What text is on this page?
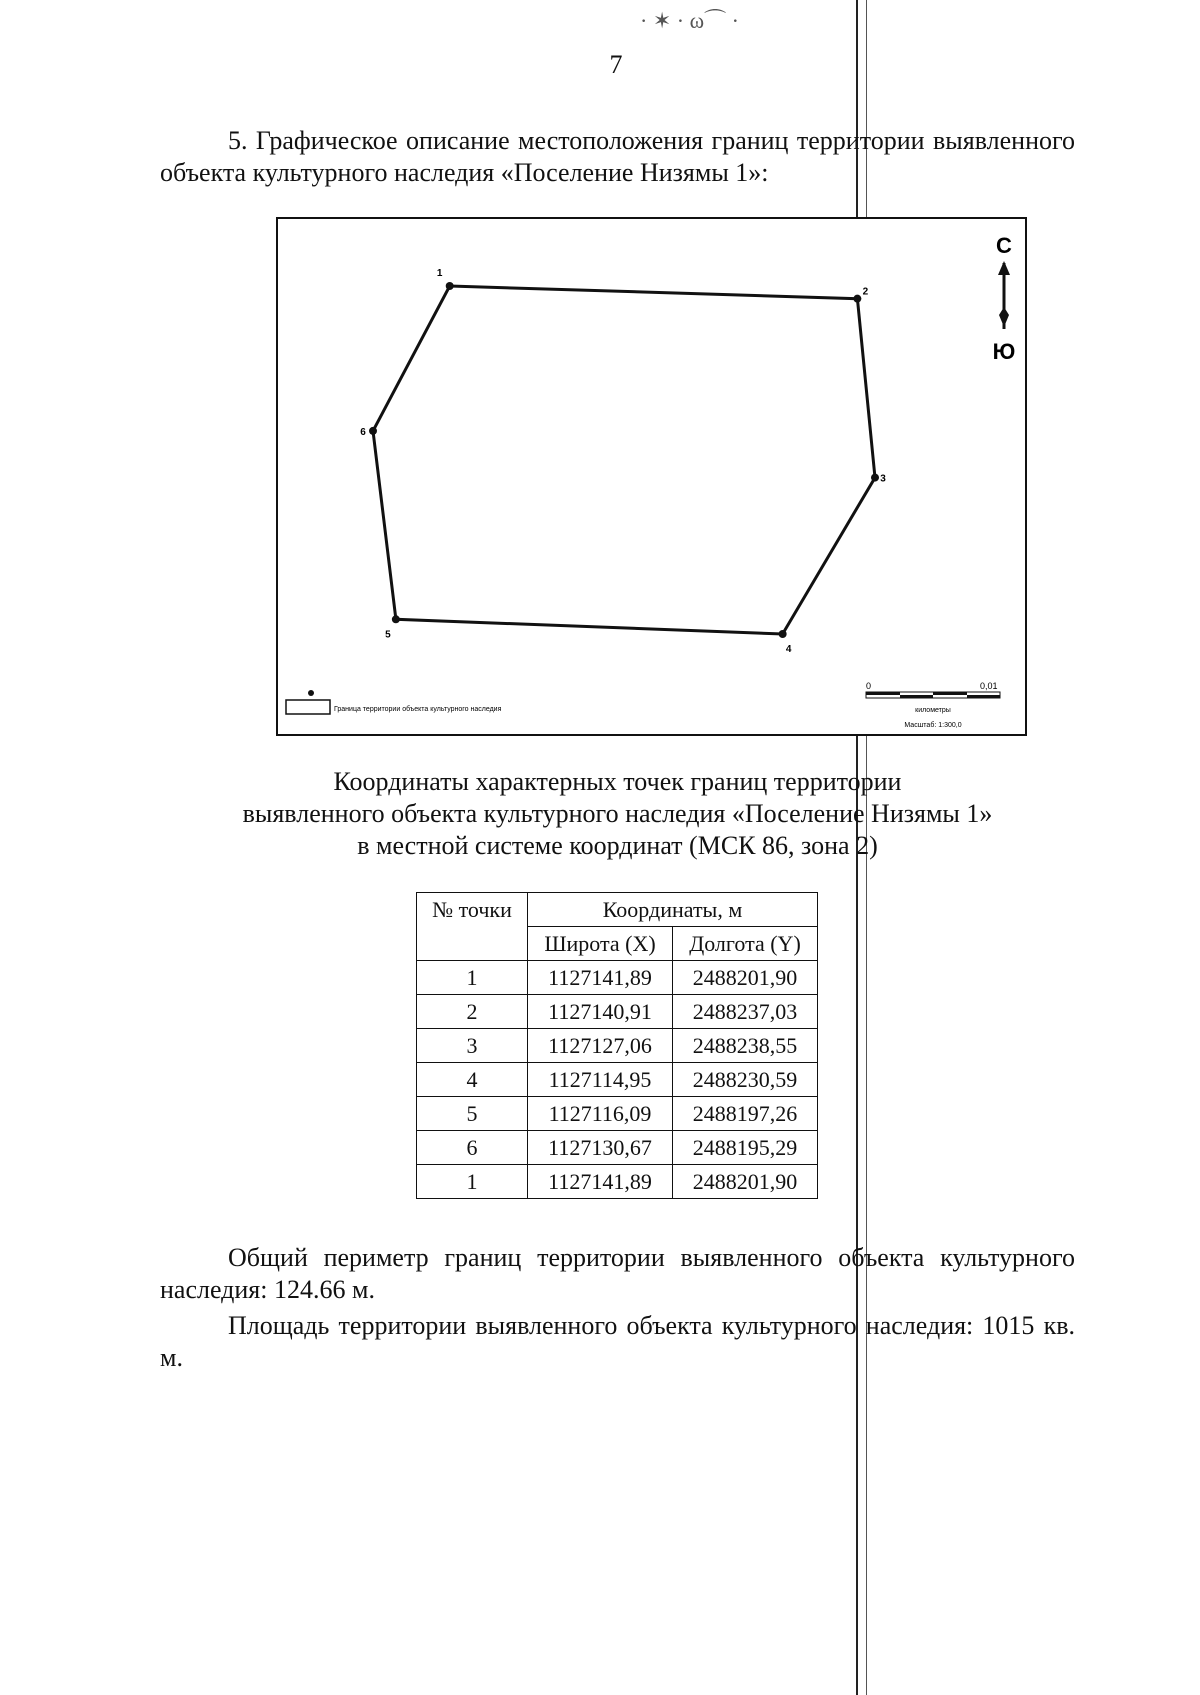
· ✶ · ω⌒ ·
7
5. Графическое описание местоположения границ территории выявленного объекта культурного наследия «Поселение Низямы 1»:
1
2
3
4
5
6
С
Ю
Граница территории объекта культурного наследия
0	0,01
километры
Масштаб: 1:300,0
Координаты характерных точек границ территории
выявленного объекта культурного наследия «Поселение Низямы 1»
в местной системе координат (МСК 86, зона 2)
№ точки	Координаты, м	
	Широта (X)	Долгота (Y)
1	1127141,89	2488201,90
2	1127140,91	2488237,03
3	1127127,06	2488238,55
4	1127114,95	2488230,59
5	1127116,09	2488197,26
6	1127130,67	2488195,29
1	1127141,89	2488201,90
Общий периметр границ территории выявленного объекта культурного наследия: 124.66 м.
Площадь территории выявленного объекта культурного наследия: 1015 кв. м.
